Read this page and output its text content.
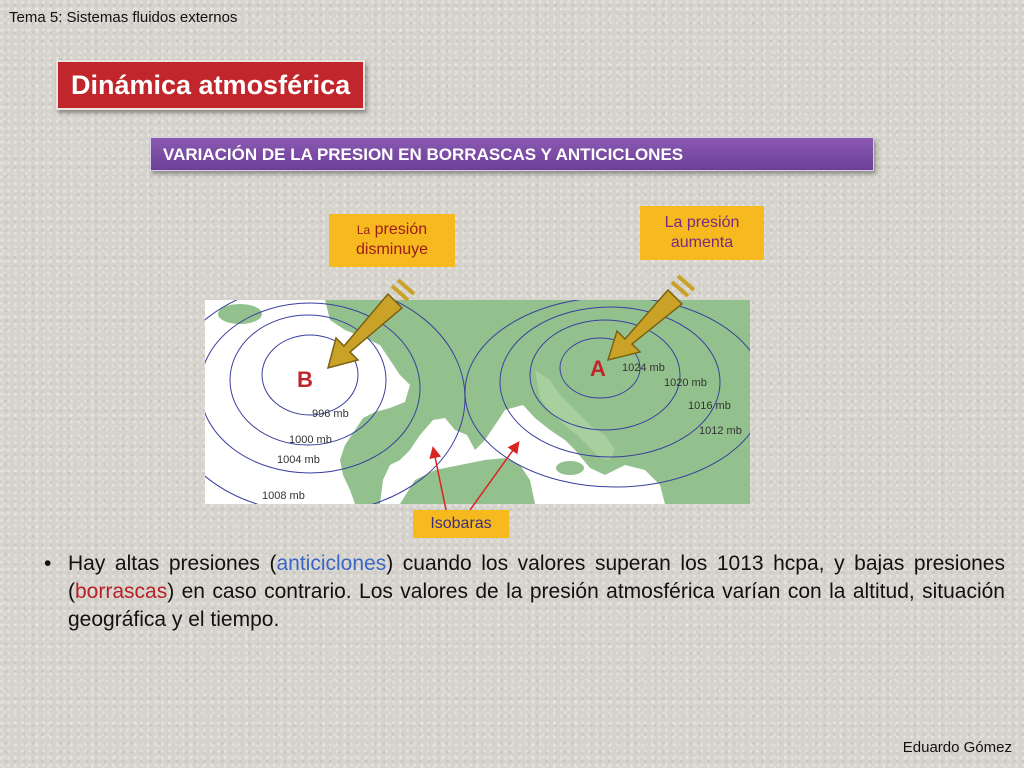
Tema 5: Sistemas fluidos externos
Dinámica atmosférica
VARIACIÓN DE LA PRESION EN BORRASCAS Y ANTICICLONES
La presión
disminuye
La presión
aumenta
B	A
996 mb
1000 mb
1004 mb
1008 mb
1024 mb
1020 mb
1016 mb
1012 mb
Isobaras
• Hay altas presiones (anticiclones) cuando los valores superan los 1013 hcpa, y bajas presiones (borrascas) en caso contrario. Los valores de la presión atmosférica varían con la altitud, situación geográfica y el tiempo.
Eduardo Gómez
